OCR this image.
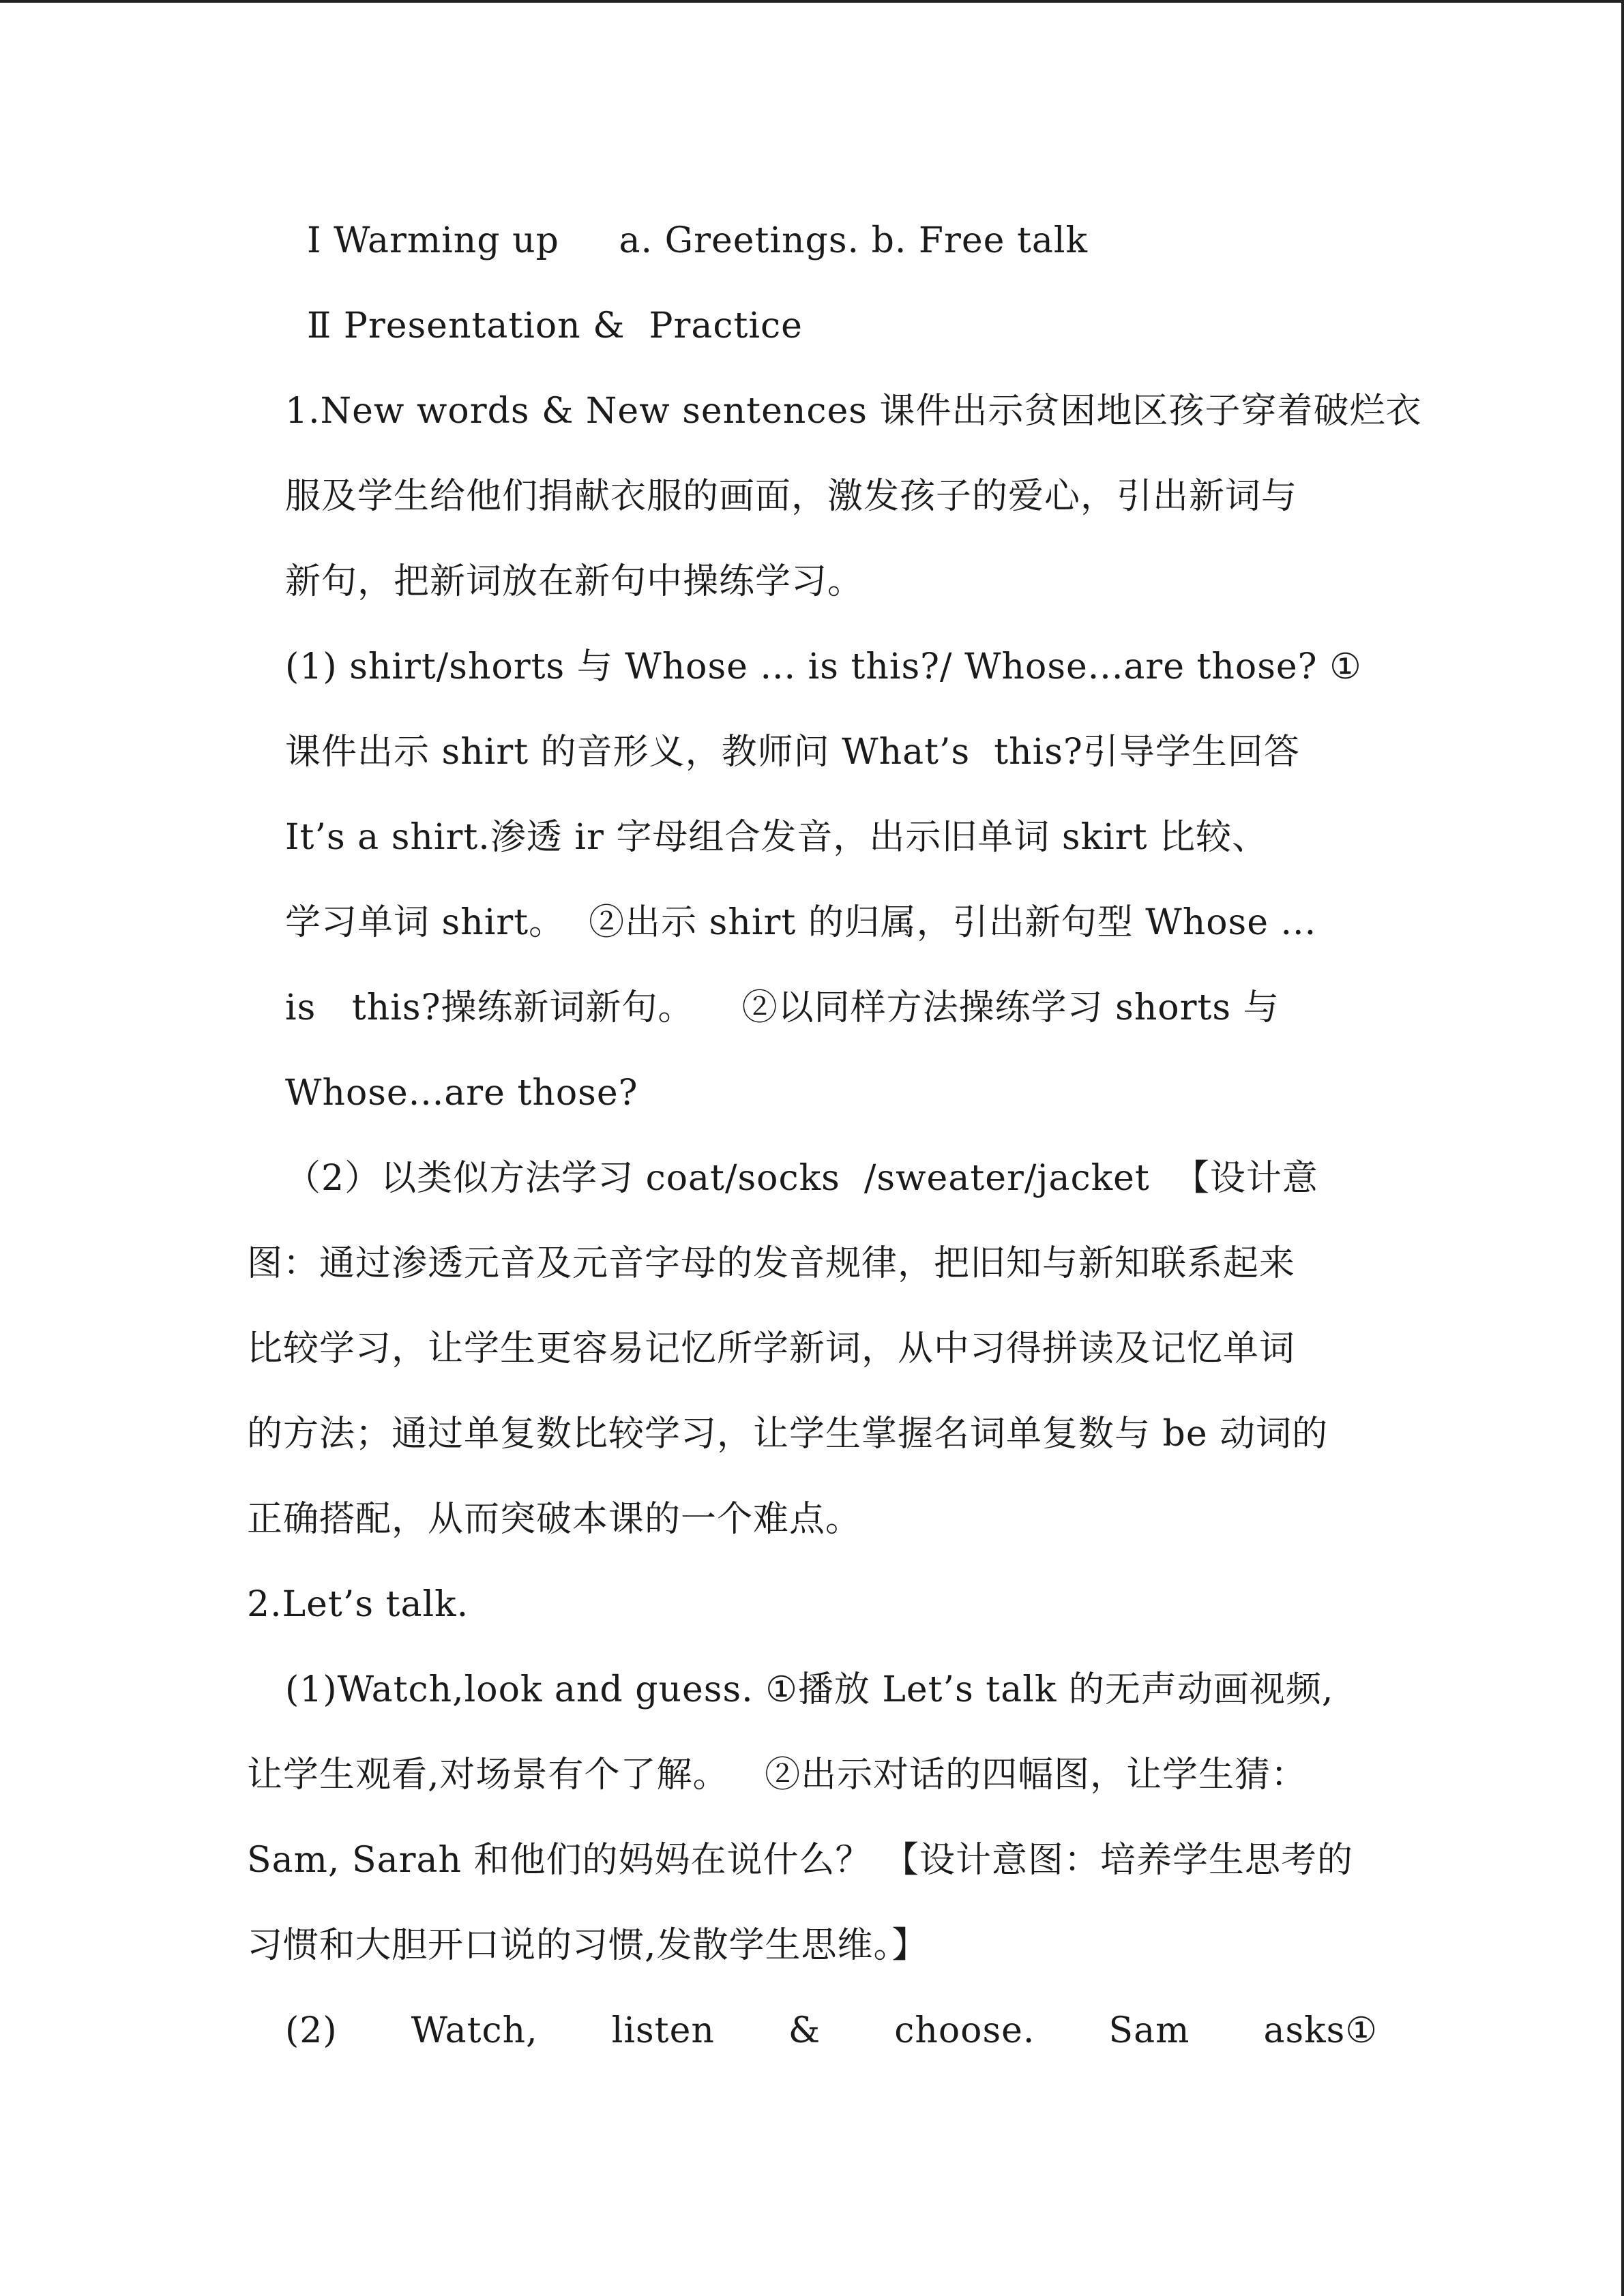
Ⅰ Warming up     a. Greetings. b. Free talk
Ⅱ Presentation &  Practice
1.New words & New sentences 课件出示贫困地区孩子穿着破烂衣
服及学生给他们捐献衣服的画面，激发孩子的爱心，引出新词与
新句，把新词放在新句中操练学习。
(1) shirt/shorts 与 Whose ... is this?/ Whose...are those? ①
课件出示 shirt 的音形义，教师问 What’s  this?引导学生回答
It’s a shirt.渗透 ir 字母组合发音，出示旧单词 skirt 比较、
学习单词 shirt。  ②出示 shirt 的归属，引出新句型 Whose ...
is   this?操练新词新句。    ②以同样方法操练学习 shorts 与
Whose...are those?
（2）以类似方法学习 coat/socks  /sweater/jacket  【设计意
图：通过渗透元音及元音字母的发音规律，把旧知与新知联系起来
比较学习，让学生更容易记忆所学新词，从中习得拼读及记忆单词
的方法；通过单复数比较学习，让学生掌握名词单复数与 be 动词的
正确搭配，从而突破本课的一个难点。
2.Let’s talk.
(1)Watch,look and guess. ①播放 Let’s talk 的无声动画视频,
让学生观看,对场景有个了解。   ②出示对话的四幅图，让学生猜：
Sam, Sarah 和他们的妈妈在说什么？ 【设计意图：培养学生思考的
习惯和大胆开口说的习惯,发散学生思维。】
(2) Watch, listen & choose. Sam asks①
